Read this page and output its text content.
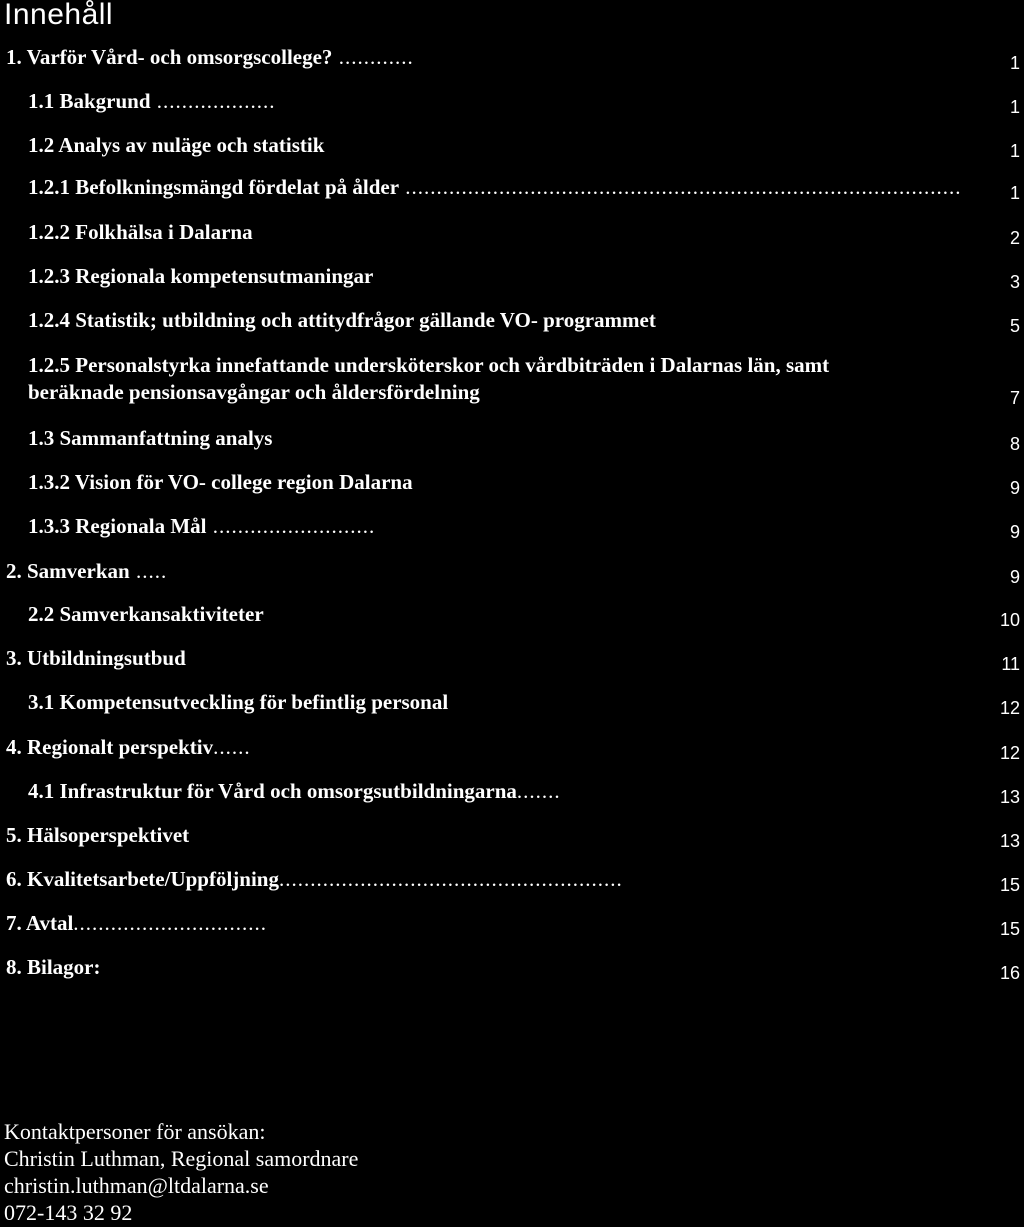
Innehåll
1. Varför Vård- och omsorgscollege? ............	1
1.1 Bakgrund ...................	1
1.2 Analys av nuläge och statistik	1
1.2.1 Befolkningsmängd fördelat på ålder .........................................................................................	1
1.2.2 Folkhälsa i Dalarna	2
1.2.3 Regionala kompetensutmaningar	3
1.2.4 Statistik; utbildning och attitydfrågor gällande VO- programmet	5
1.2.5 Personalstyrka innefattande undersköterskor och vårdbiträden i Dalarnas län, samt
beräknade pensionsavgångar och åldersfördelning	7
1.3 Sammanfattning analys	8
1.3.2 Vision för VO- college region Dalarna	9
1.3.3 Regionala Mål ..........................	9
2. Samverkan .....	9
2.2 Samverkansaktiviteter	10
3. Utbildningsutbud	11
3.1 Kompetensutveckling för befintlig personal	12
4. Regionalt perspektiv......	12
4.1 Infrastruktur för Vård och omsorgsutbildningarna.......	13
5. Hälsoperspektivet	13
6. Kvalitetsarbete/Uppföljning.......................................................	15
7. Avtal...............................	15
8. Bilagor:	16
Kontaktpersoner för ansökan:
Christin Luthman, Regional samordnare
christin.luthman@ltdalarna.se
072-143 32 92
